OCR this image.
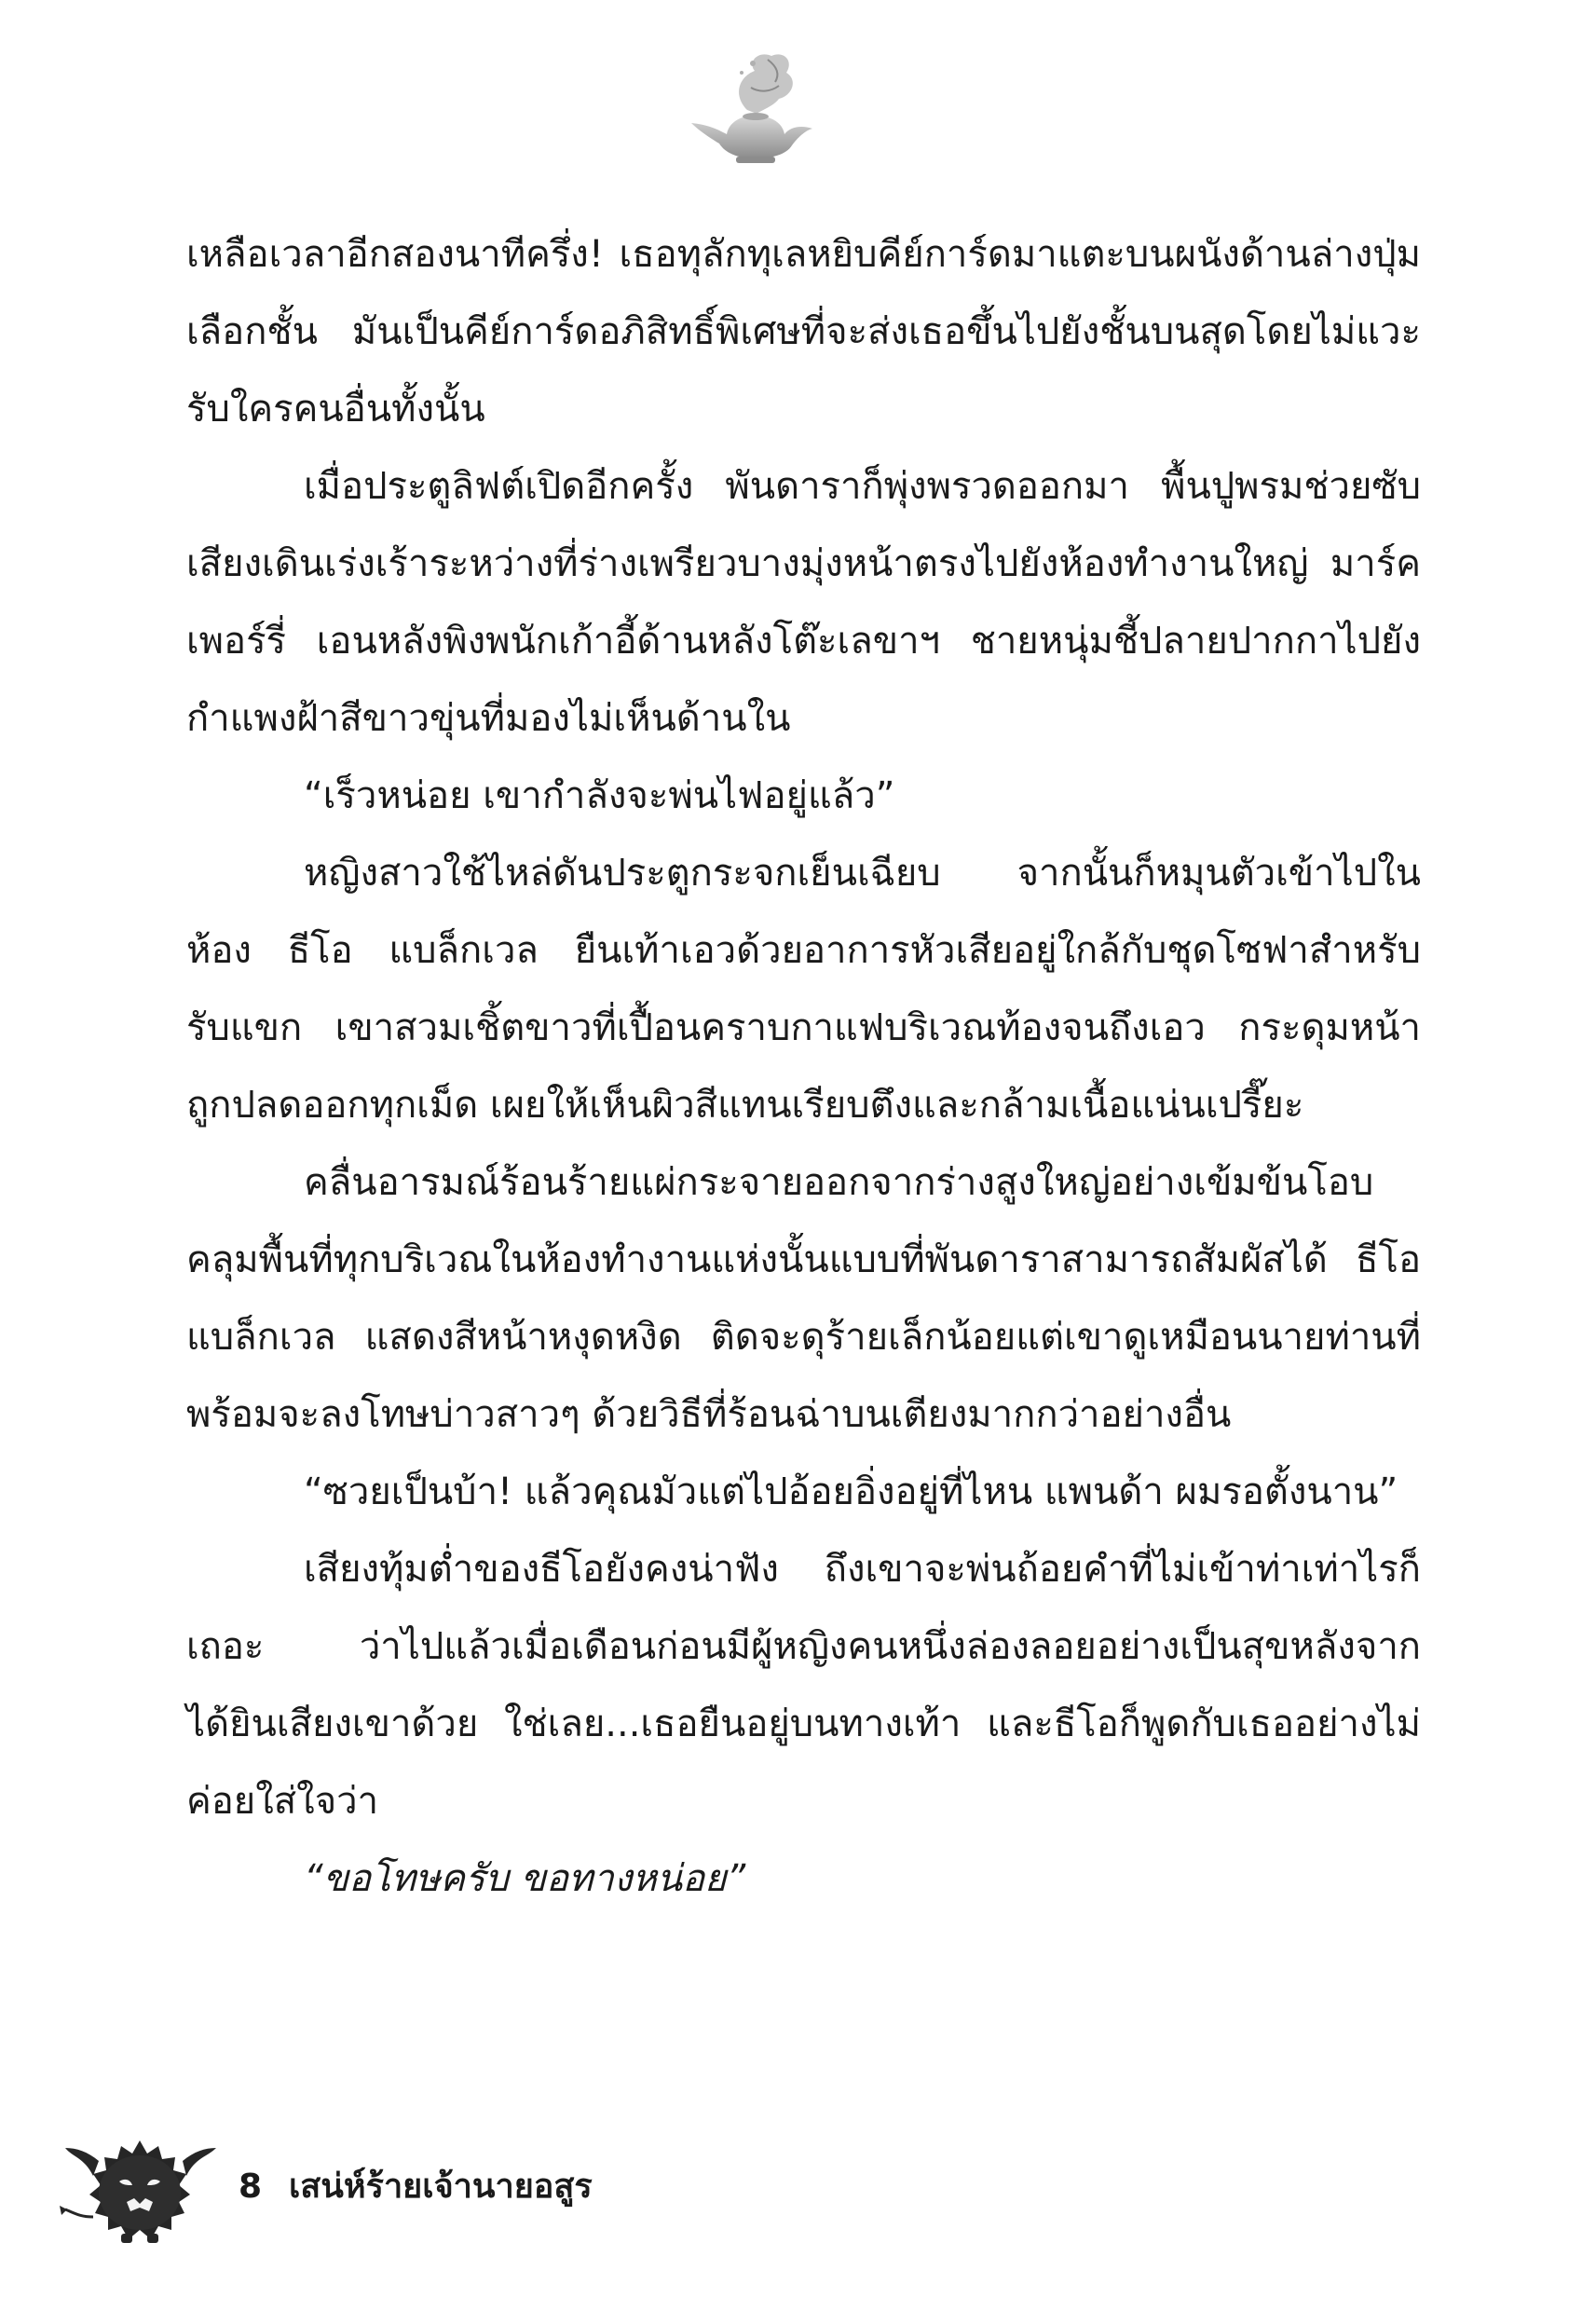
เหลือเวลาอีกสองนาทีครึ่ง! เธอทุลักทุเลหยิบคีย์การ์ดมาแตะบนผนังด้านล่างปุ่มเลือกชั้น มันเป็นคีย์การ์ดอภิสิทธิ์พิเศษที่จะส่งเธอขึ้นไปยังชั้นบนสุดโดยไม่แวะรับใครคนอื่นทั้งนั้น

เมื่อประตูลิฟต์เปิดอีกครั้ง พันดาราก็พุ่งพรวดออกมา พื้นปูพรมช่วยซับเสียงเดินเร่งเร้าระหว่างที่ร่างเพรียวบางมุ่งหน้าตรงไปยังห้องทำงานใหญ่ มาร์ค เพอร์รี่ เอนหลังพิงพนักเก้าอี้ด้านหลังโต๊ะเลขาฯ ชายหนุ่มชี้ปลายปากกาไปยังกำแพงฝ้าสีขาวขุ่นที่มองไม่เห็นด้านใน

“เร็วหน่อย เขากำลังจะพ่นไฟอยู่แล้ว”

หญิงสาวใช้ไหล่ดันประตูกระจกเย็นเฉียบ จากนั้นก็หมุนตัวเข้าไปในห้อง ธีโอ แบล็กเวล ยืนเท้าเอวด้วยอาการหัวเสียอยู่ใกล้กับชุดโซฟาสำหรับรับแขก เขาสวมเชิ้ตขาวที่เปื้อนคราบกาแฟบริเวณท้องจนถึงเอว กระดุมหน้าถูกปลดออกทุกเม็ด เผยให้เห็นผิวสีแทนเรียบตึงและกล้ามเนื้อแน่นเปรี๊ยะ

คลื่นอารมณ์ร้อนร้ายแผ่กระจายออกจากร่างสูงใหญ่อย่างเข้มข้นโอบคลุมพื้นที่ทุกบริเวณในห้องทำงานแห่งนั้นแบบที่พันดาราสามารถสัมผัสได้ ธีโอ แบล็กเวล แสดงสีหน้าหงุดหงิด ติดจะดุร้ายเล็กน้อยแต่เขาดูเหมือนนายท่านที่พร้อมจะลงโทษบ่าวสาวๆ ด้วยวิธีที่ร้อนฉ่าบนเตียงมากกว่าอย่างอื่น

“ซวยเป็นบ้า! แล้วคุณมัวแต่ไปอ้อยอิ่งอยู่ที่ไหน แพนด้า ผมรอตั้งนาน”

เสียงทุ้มต่ำของธีโอยังคงน่าฟัง ถึงเขาจะพ่นถ้อยคำที่ไม่เข้าท่าเท่าไรก็เถอะ ว่าไปแล้วเมื่อเดือนก่อนมีผู้หญิงคนหนึ่งล่องลอยอย่างเป็นสุขหลังจากได้ยินเสียงเขาด้วย ใช่เลย...เธอยืนอยู่บนทางเท้า และธีโอก็พูดกับเธออย่างไม่ค่อยใส่ใจว่า

“ขอโทษครับ ขอทางหน่อย”

8 เสน่ห์ร้ายเจ้านายอสูร
